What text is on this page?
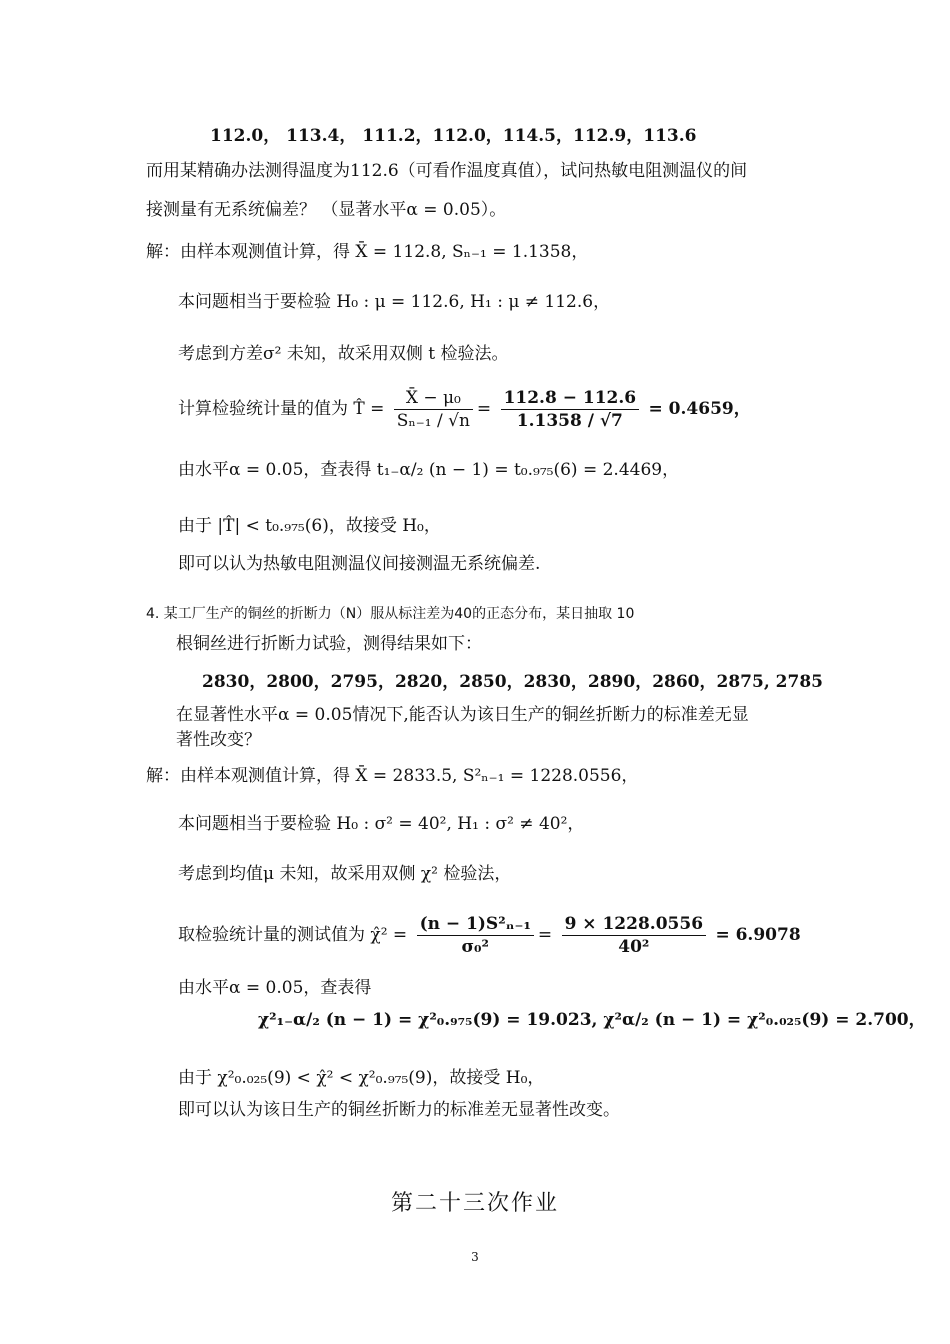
112.0， 113.4， 111.2，112.0，114.5，112.9，113.6
而用某精确办法测得温度为112.6（可看作温度真值），试问热敏电阻测温仪的间
接测量有无系统偏差？ （显著水平α = 0.05）。
解：由样本观测值计算，得 X̄ = 112.8, Sₙ₋₁ = 1.1358，
本问题相当于要检验 H₀ : μ = 112.6, H₁ : μ ≠ 112.6，
考虑到方差σ² 未知，故采用双侧 t 检验法。
计算检验统计量的值为 T̂ = $\frac{\text{X̄ − μ₀}}{\text{Sₙ₋₁ / √n}} = \frac{112.8 - 112.6}{1.1358 / √7} = 0.4659$，
由水平α = 0.05，查表得 t₁₋α/₂ (n − 1) = t₀.₉₇₅(6) = 2.4469，
由于 |T̂| < t₀.₉₇₅(6)，故接受 H₀，
即可以认为热敏电阻测温仪间接测温无系统偏差.
4. 某工厂生产的铜丝的折断力（N）服从标注差为40的正态分布，某日抽取 10
根铜丝进行折断力试验，测得结果如下：
2830，2800，2795，2820，2850，2830，2890，2860，2875, 2785
在显著性水平α = 0.05情况下,能否认为该日生产的铜丝折断力的标准差无显
著性改变？
解：由样本观测值计算，得 X̄ = 2833.5, S²ₙ₋₁ = 1228.0556，
本问题相当于要检验 H₀ : σ² = 40², H₁ : σ² ≠ 40²，
考虑到均值μ 未知，故采用双侧 χ² 检验法，
取检验统计量的测试值为 χ̂² = $\frac{\text{(n − 1)S²ₙ₋₁}}{\text{σ₀²}} = \frac{9 \times 1228.0556}{\text{40²}} = 6.9078$
由水平α = 0.05，查表得
χ²₁₋α/₂ (n − 1) = χ²₀.₉₇₅(9) = 19.023, χ²α/₂ (n − 1) = χ²₀.₀₂₅(9) = 2.700，
由于 χ²₀.₀₂₅(9) < χ̂² < χ²₀.₉₇₅(9)，故接受 H₀，
即可以认为该日生产的铜丝折断力的标准差无显著性改变。
第二十三次作业
3
